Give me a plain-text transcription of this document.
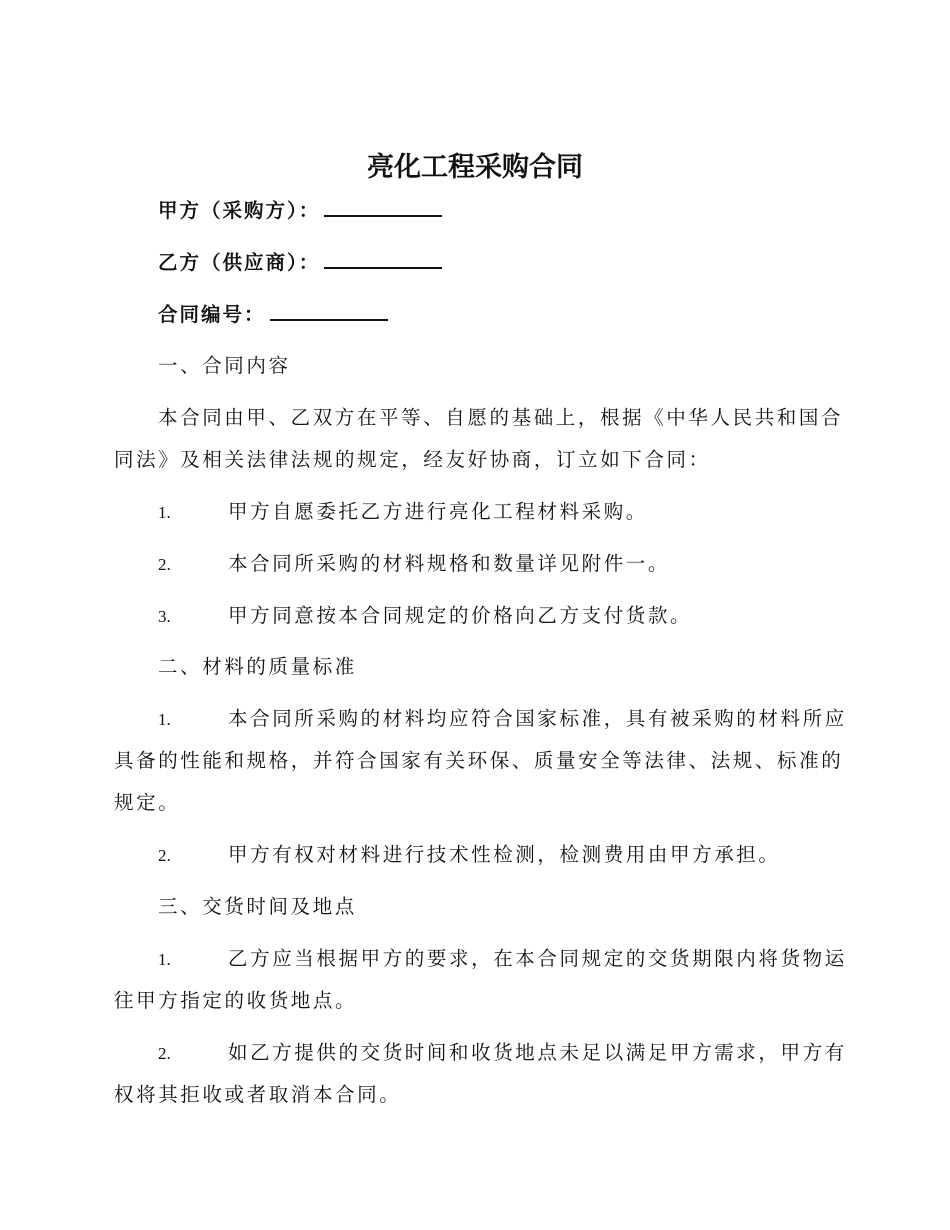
亮化工程采购合同
甲方（采购方）：
乙方（供应商）：
合同编号：
一、合同内容
本合同由甲、乙双方在平等、自愿的基础上，根据《中华人民共和国合
同法》及相关法律法规的规定，经友好协商，订立如下合同：
1.	甲方自愿委托乙方进行亮化工程材料采购。
2.	本合同所采购的材料规格和数量详见附件一。
3.	甲方同意按本合同规定的价格向乙方支付货款。
二、材料的质量标准
1.	本合同所采购的材料均应符合国家标准，具有被采购的材料所应
具备的性能和规格，并符合国家有关环保、质量安全等法律、法规、标准的
规定。
2.	甲方有权对材料进行技术性检测，检测费用由甲方承担。
三、交货时间及地点
1.	乙方应当根据甲方的要求，在本合同规定的交货期限内将货物运
往甲方指定的收货地点。
2.	如乙方提供的交货时间和收货地点未足以满足甲方需求，甲方有
权将其拒收或者取消本合同。
